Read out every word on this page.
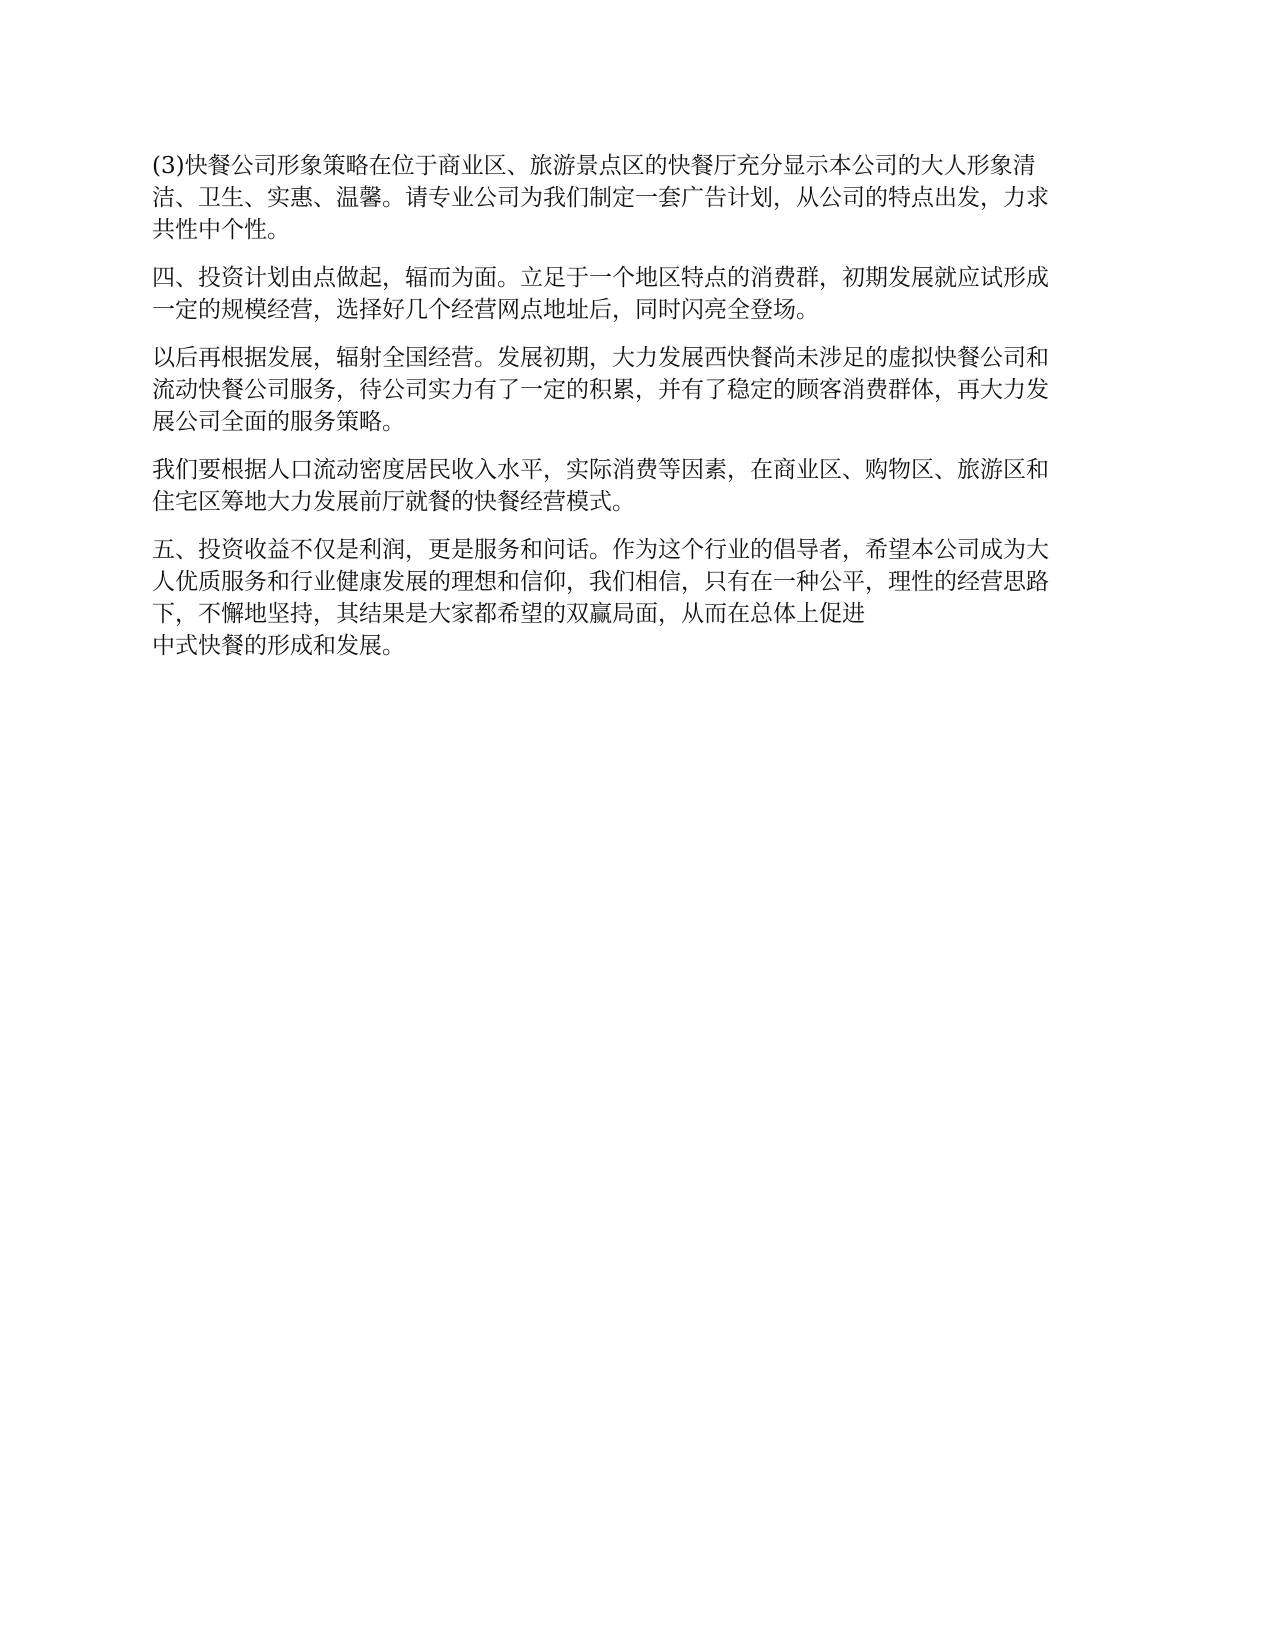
(3)快餐公司形象策略在位于商业区、旅游景点区的快餐厅充分显示本公司的大人形象清
洁、卫生、实惠、温馨。请专业公司为我们制定一套广告计划，从公司的特点出发，力求
共性中个性。

四、投资计划由点做起，辐而为面。立足于一个地区特点的消费群，初期发展就应试形成
一定的规模经营，选择好几个经营网点地址后，同时闪亮全登场。

以后再根据发展，辐射全国经营。发展初期，大力发展西快餐尚未涉足的虚拟快餐公司和
流动快餐公司服务，待公司实力有了一定的积累，并有了稳定的顾客消费群体，再大力发
展公司全面的服务策略。

我们要根据人口流动密度居民收入水平，实际消费等因素，在商业区、购物区、旅游区和
住宅区筹地大力发展前厅就餐的快餐经营模式。

五、投资收益不仅是利润，更是服务和问话。作为这个行业的倡导者，希望本公司成为大
人优质服务和行业健康发展的理想和信仰，我们相信，只有在一种公平，理性的经营思路
下，不懈地坚持，其结果是大家都希望的双赢局面，从而在总体上促进
中式快餐的形成和发展。
